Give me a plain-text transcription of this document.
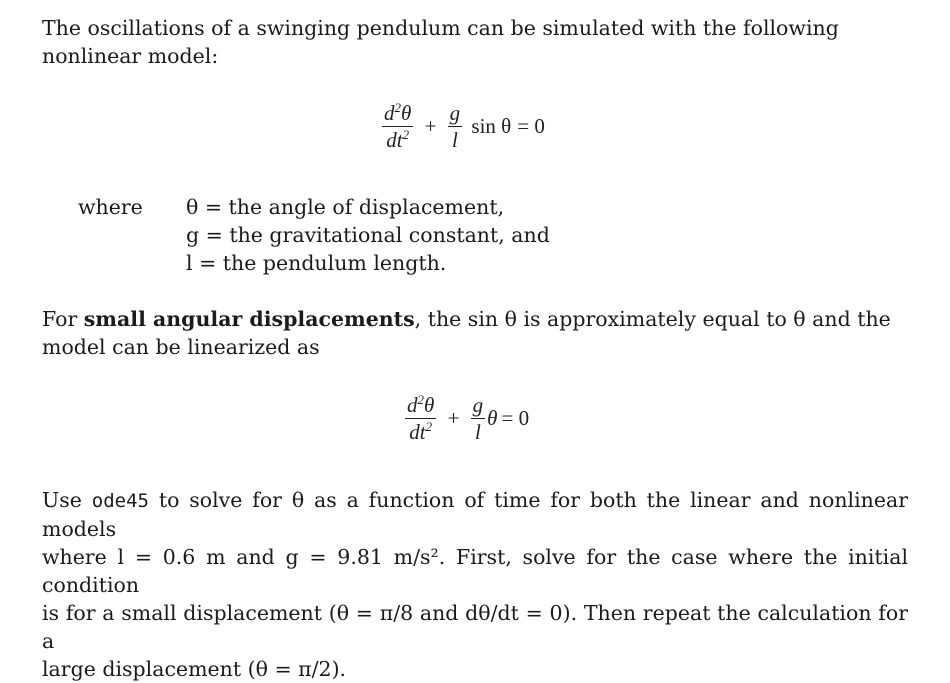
The oscillations of a swinging pendulum can be simulated with the following
nonlinear model:
$\frac{d^2\theta}{dt^2} + \frac{g}{l}$ sin θ = 0
where θ = the angle of displacement,
g = the gravitational constant, and
l = the pendulum length.
For small angular displacements, the sin θ is approximately equal to θ and the
model can be linearized as
$\frac{d^2\theta}{dt^2} + \frac{g}{l}$ θ = 0
Use ode45 to solve for θ as a function of time for both the linear and nonlinear models
where l = 0.6 m and g = 9.81 m/s². First, solve for the case where the initial condition
is for a small displacement (θ = π/8 and dθ/dt = 0). Then repeat the calculation for a
large displacement (θ = π/2).
